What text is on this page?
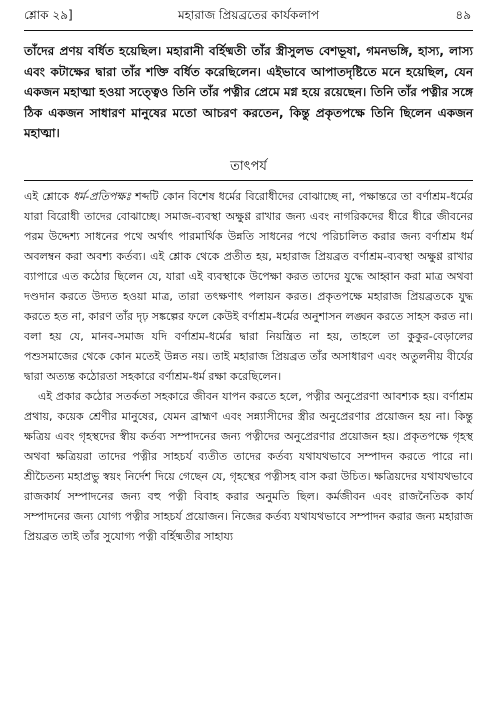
শ্লোক ২৯]	মহারাজ প্রিয়ব্রতের কার্যকলাপ	৪৯
তাঁদের প্রণয় বর্ধিত হয়েছিল। মহারানী বর্হিষ্মতী তাঁর স্ত্রীসুলভ বেশভূষা, গমনভঙ্গি, হাস্য, লাস্য এবং কটাক্ষের দ্বারা তাঁর শক্তি বর্ধিত করেছিলেন। এইভাবে আপাতদৃষ্টিতে মনে হয়েছিল, যেন একজন মহাত্মা হওয়া সত্ত্বেও তিনি তাঁর পত্নীর প্রেমে মগ্ন হয়ে রয়েছেন। তিনি তাঁর পত্নীর সঙ্গে ঠিক একজন সাধারণ মানুষের মতো আচরণ করতেন, কিন্তু প্রকৃতপক্ষে তিনি ছিলেন একজন মহাত্মা।
তাৎপর্য

এই শ্লোকে ধর্ম-প্রতিপক্ষঃ শব্দটি কোন বিশেষ ধর্মের বিরোধীদের বোঝাচ্ছে না, পক্ষান্তরে তা বর্ণাশ্রম-ধর্মের যারা বিরোধী তাদের বোঝাচ্ছে। সমাজ-ব্যবস্থা অক্ষুণ্ণ রাখার জন্য এবং নাগরিকদের ধীরে ধীরে জীবনের পরম উদ্দেশ্য সাধনের পথে অর্থাৎ পারমার্থিক উন্নতি সাধনের পথে পরিচালিত করার জন্য বর্ণাশ্রম ধর্ম অবলম্বন করা অবশ্য কর্তব্য। এই শ্লোক থেকে প্রতীত হয়, মহারাজ প্রিয়ব্রত বর্ণাশ্রম-ব্যবস্থা অক্ষুণ্ণ রাখার ব্যাপারে এত কঠোর ছিলেন যে, যারা এই ব্যবস্থাকে উপেক্ষা করত তাদের যুদ্ধে আহ্বান করা মাত্র অথবা দণ্ডদান করতে উদ্যত হওয়া মাত্র, তারা তৎক্ষণাৎ পলায়ন করত। প্রকৃতপক্ষে মহারাজ প্রিয়ব্রতকে যুদ্ধ করতে হত না, কারণ তাঁর দৃঢ় সঙ্কল্পের ফলে কেউই বর্ণাশ্রম-ধর্মের অনুশাসন লঙ্ঘন করতে সাহস করত না। বলা হয় যে, মানব-সমাজ যদি বর্ণাশ্রম-ধর্মের দ্বারা নিয়ন্ত্রিত না হয়, তাহলে তা কুকুর-বেড়ালের পশুসমাজের থেকে কোন মতেই উন্নত নয়। তাই মহারাজ প্রিয়ব্রত তাঁর অসাধারণ এবং অতুলনীয় বীর্যের দ্বারা অত্যন্ত কঠোরতা সহকারে বর্ণাশ্রম-ধর্ম রক্ষা করেছিলেন।

এই প্রকার কঠোর সতর্কতা সহকারে জীবন যাপন করতে হলে, পত্নীর অনুপ্রেরণা আবশ্যক হয়। বর্ণাশ্রম প্রথায়, কয়েক শ্রেণীর মানুষের, যেমন ব্রাহ্মণ এবং সন্ন্যাসীদের স্ত্রীর অনুপ্রেরণার প্রয়োজন হয় না। কিন্তু ক্ষত্রিয় এবং গৃহস্থদের স্বীয় কর্তব্য সম্পাদনের জন্য পত্নীদের অনুপ্রেরণার প্রয়োজন হয়। প্রকৃতপক্ষে গৃহস্থ অথবা ক্ষত্রিয়রা তাদের পত্নীর সাহচর্য ব্যতীত তাদের কর্তব্য যথাযথভাবে সম্পাদন করতে পারে না। শ্রীচৈতন্য মহাপ্রভু স্বয়ং নির্দেশ দিয়ে গেছেন যে, গৃহস্থের পত্নীসহ বাস করা উচিত। ক্ষত্রিয়দের যথাযথভাবে রাজকার্য সম্পাদনের জন্য বহু পত্নী বিবাহ করার অনুমতি ছিল। কর্মজীবন এবং রাজনৈতিক কার্য সম্পাদনের জন্য যোগ্য পত্নীর সাহচর্য প্রয়োজন। নিজের কর্তব্য যথাযথভাবে সম্পাদন করার জন্য মহারাজ প্রিয়ব্রত তাই তাঁর সুযোগ্য পত্নী বর্হিষ্মতীর সাহায্য
